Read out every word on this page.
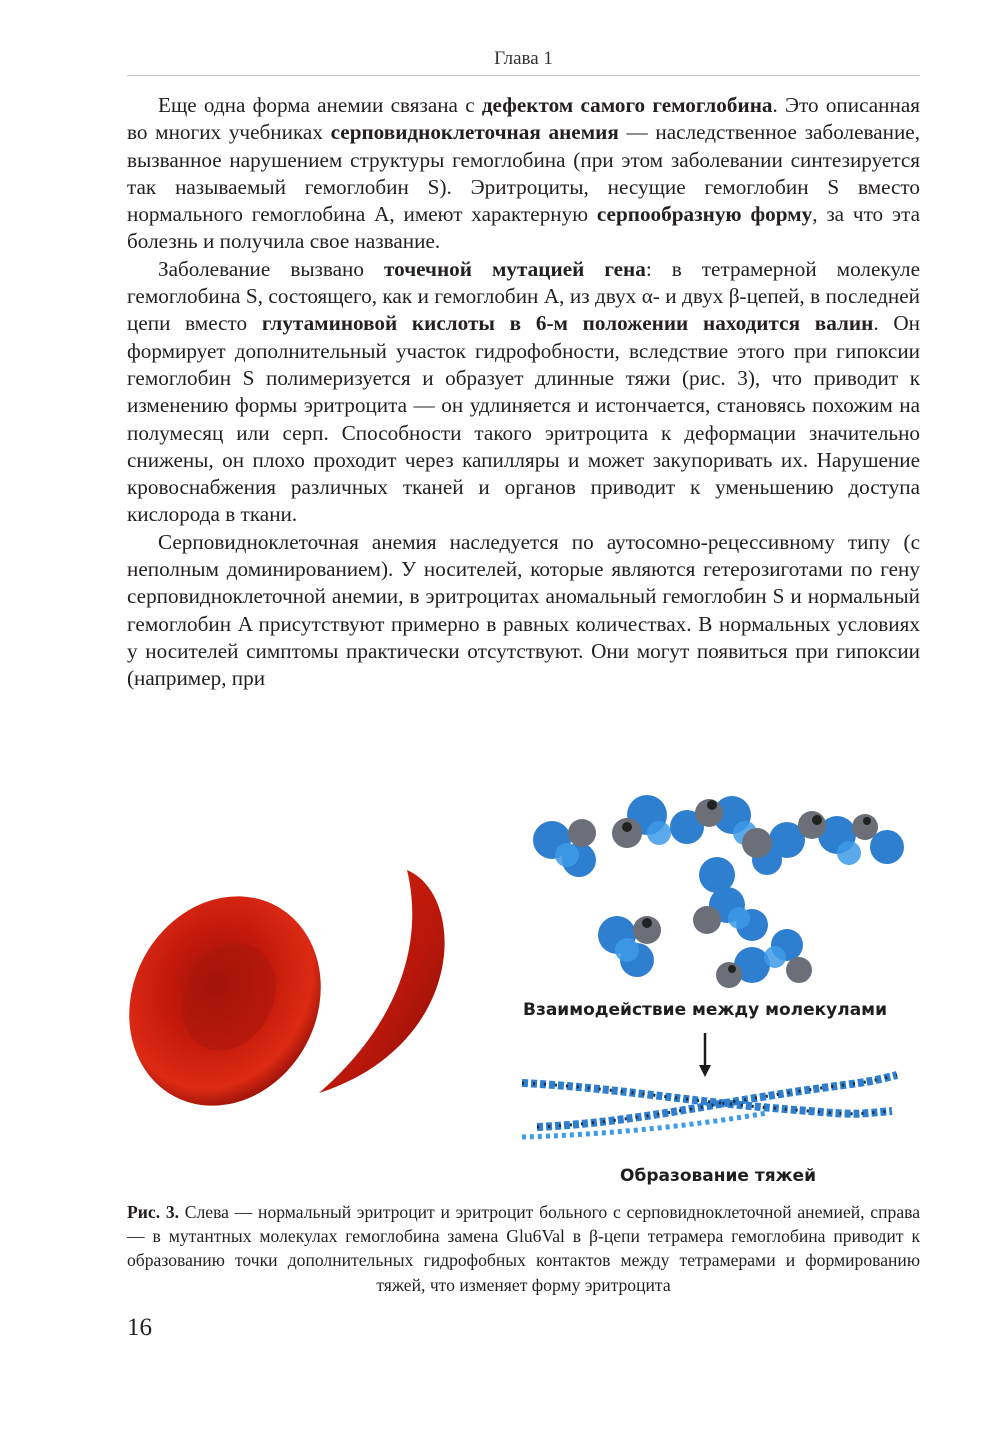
Глава 1

Еще одна форма анемии связана с дефектом самого гемоглобина. Это описанная во многих учебниках серповидноклеточная анемия — наследственное заболевание, вызванное нарушением структуры гемоглобина (при этом заболевании синтезируется так называемый гемоглобин S). Эритроциты, несущие гемоглобин S вместо нормального гемоглобина A, имеют характерную серпообразную форму, за что эта болезнь и получила свое название.

Заболевание вызвано точечной мутацией гена: в тетрамерной молекуле гемоглобина S, состоящего, как и гемоглобин A, из двух α- и двух β-цепей, в последней цепи вместо глутаминовой кислоты в 6-м положении находится валин. Он формирует дополнительный участок гидрофобности, вследствие этого при гипоксии гемоглобин S полимеризуется и образует длинные тяжи (рис. 3), что приводит к изменению формы эритроцита — он удлиняется и истончается, становясь похожим на полумесяц или серп. Способности такого эритроцита к деформации значительно снижены, он плохо проходит через капилляры и может закупоривать их. Нарушение кровоснабжения различных тканей и органов приводит к уменьшению доступа кислорода в ткани.

Серповидноклеточная анемия наследуется по аутосомно-рецессивному типу (с неполным доминированием). У носителей, которые являются гетерозиготами по гену серповидноклеточной анемии, в эритроцитах аномальный гемоглобин S и нормальный гемоглобин A присутствуют примерно в равных количествах. В нормальных условиях у носителей симптомы практически отсутствуют. Они могут появиться при гипоксии (например, при

Взаимодействие между молекулами
Образование тяжей

Рис. 3. Слева — нормальный эритроцит и эритроцит больного с серповидноклеточной анемией, справа — в мутантных молекулах гемоглобина замена Glu6Val в β-цепи тетрамера гемоглобина приводит к образованию точки дополнительных гидрофобных контактов между тетрамерами и формированию тяжей, что изменяет форму эритроцита

16
